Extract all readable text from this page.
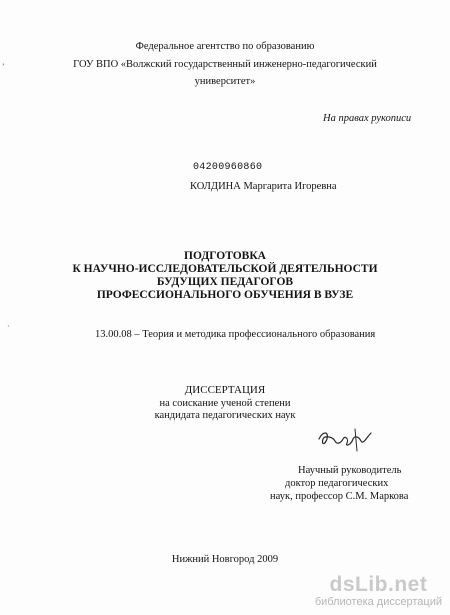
ʼ
·
Федеральное агентство по образованию
ГОУ ВПО «Волжский государственный инженерно-педагогический
университет»
На правах рукописи
04200960860
КОЛДИНА Маргарита Игоревна
ПОДГОТОВКА
К НАУЧНО-ИССЛЕДОВАТЕЛЬСКОЙ ДЕЯТЕЛЬНОСТИ
БУДУЩИХ ПЕДАГОГОВ
ПРОФЕССИОНАЛЬНОГО ОБУЧЕНИЯ В ВУЗЕ
13.00.08 – Теория и методика профессионального образования
ДИССЕРТАЦИЯ
на соискание ученой степени
кандидата педагогических наук
Научный руководитель
доктор педагогических
наук, профессор С.М. Маркова
Нижний Новгород 2009
dsLib.net
библиотека диссертаций
